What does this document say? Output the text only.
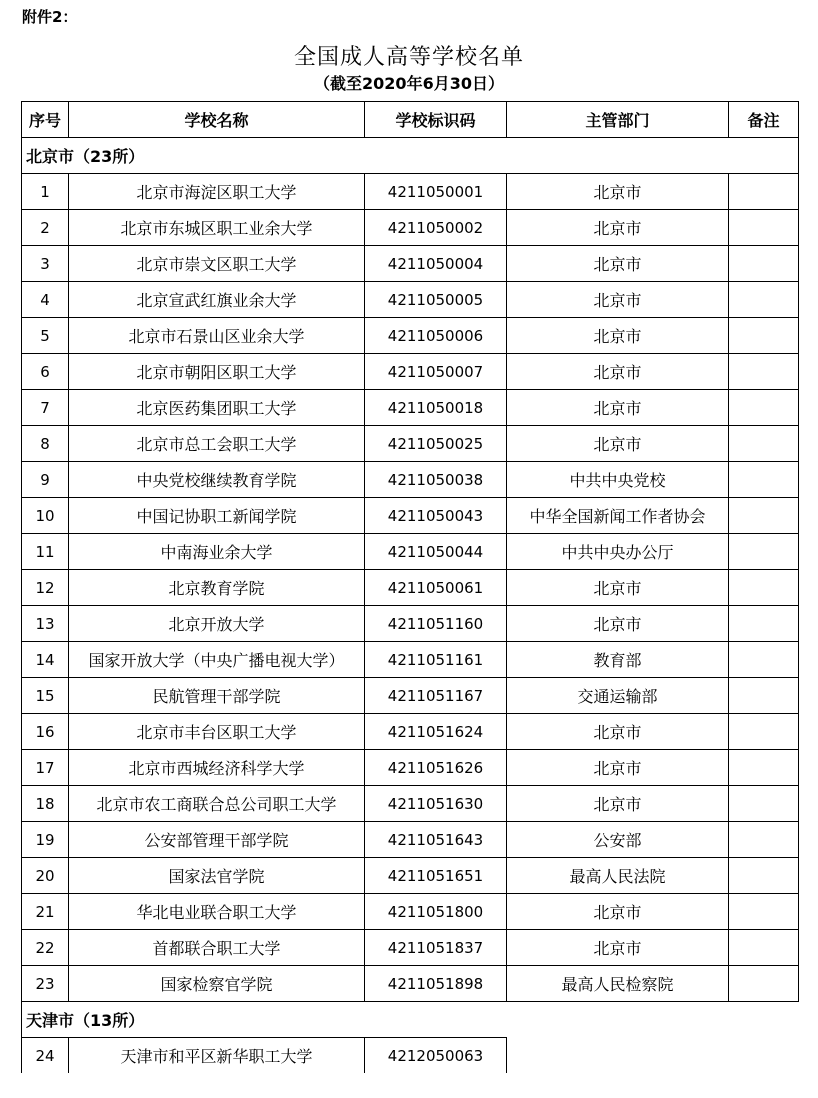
附件2：
全国成人高等学校名单
（截至2020年6月30日）
序号	学校名称	学校标识码	主管部门	备注
北京市（23所）				
1	北京市海淀区职工大学	4211050001	北京市	
2	北京市东城区职工业余大学	4211050002	北京市	
3	北京市崇文区职工大学	4211050004	北京市	
4	北京宣武红旗业余大学	4211050005	北京市	
5	北京市石景山区业余大学	4211050006	北京市	
6	北京市朝阳区职工大学	4211050007	北京市	
7	北京医药集团职工大学	4211050018	北京市	
8	北京市总工会职工大学	4211050025	北京市	
9	中央党校继续教育学院	4211050038	中共中央党校	
10	中国记协职工新闻学院	4211050043	中华全国新闻工作者协会	
11	中南海业余大学	4211050044	中共中央办公厅	
12	北京教育学院	4211050061	北京市	
13	北京开放大学	4211051160	北京市	
14	国家开放大学（中央广播电视大学）	4211051161	教育部	
15	民航管理干部学院	4211051167	交通运输部	
16	北京市丰台区职工大学	4211051624	北京市	
17	北京市西城经济科学大学	4211051626	北京市	
18	北京市农工商联合总公司职工大学	4211051630	北京市	
19	公安部管理干部学院	4211051643	公安部	
20	国家法官学院	4211051651	最高人民法院	
21	华北电业联合职工大学	4211051800	北京市	
22	首都联合职工大学	4211051837	北京市	
23	国家检察官学院	4211051898	最高人民检察院	
天津市（13所）				
24	天津市和平区新华职工大学	4212050063		
